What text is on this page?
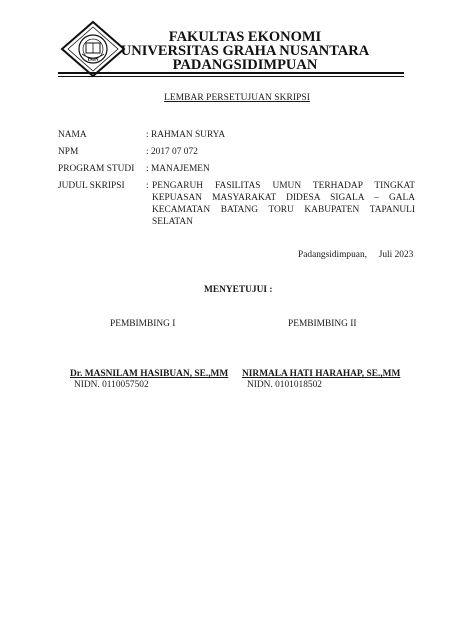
UGN
FAKULTAS EKONOMI
UNIVERSITAS GRAHA NUSANTARA
PADANGSIDIMPUAN
LEMBAR PERSETUJUAN SKRIPSI
NAMA	: RAHMAN SURYA
NPM	: 2017 07 072
PROGRAM STUDI : MANAJEMEN
JUDUL SKRIPSI : PENGARUH FASILITAS UMUN TERHADAP TINGKAT
KEPUASAN MASYARAKAT DIDESA SIGALA – GALA
KECAMATAN BATANG TORU KABUPATEN TAPANULI
SELATAN
Padangsidimpuan,     Juli 2023
MENYETUJUI :
PEMBIMBING I	PEMBIMBING II
Dr. MASNILAM HASIBUAN, SE.,MM NIRMALA HATI HARAHAP, SE.,MM
NIDN. 0110057502	NIDN. 0101018502
